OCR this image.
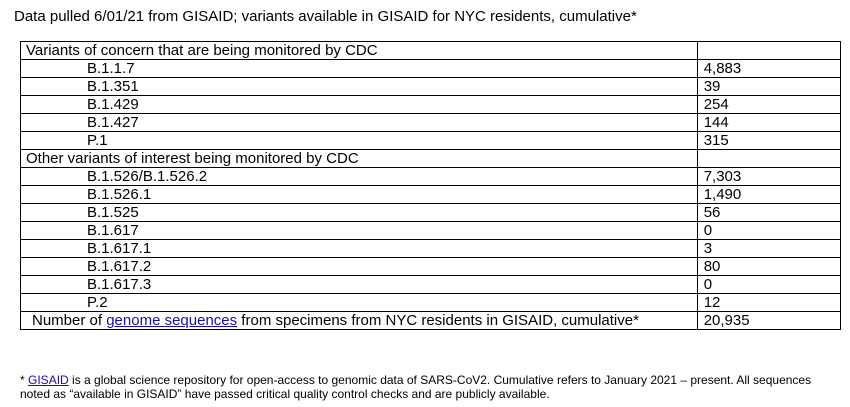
Data pulled 6/01/21 from GISAID; variants available in GISAID for NYC residents, cumulative*
Variants of concern that are being monitored by CDC	
B.1.1.7	4,883
B.1.351	39
B.1.429	254
B.1.427	144
P.1	315
Other variants of interest being monitored by CDC	
B.1.526/B.1.526.2	7,303
B.1.526.1	1,490
B.1.525	56
B.1.617	0
B.1.617.1	3
B.1.617.2	80
B.1.617.3	0
P.2	12
Number of genome sequences from specimens from NYC residents in GISAID, cumulative*	20,935
* GISAID is a global science repository for open-access to genomic data of SARS-CoV2. Cumulative refers to January 2021 – present. All sequences noted as “available in GISAID” have passed critical quality control checks and are publicly available.
